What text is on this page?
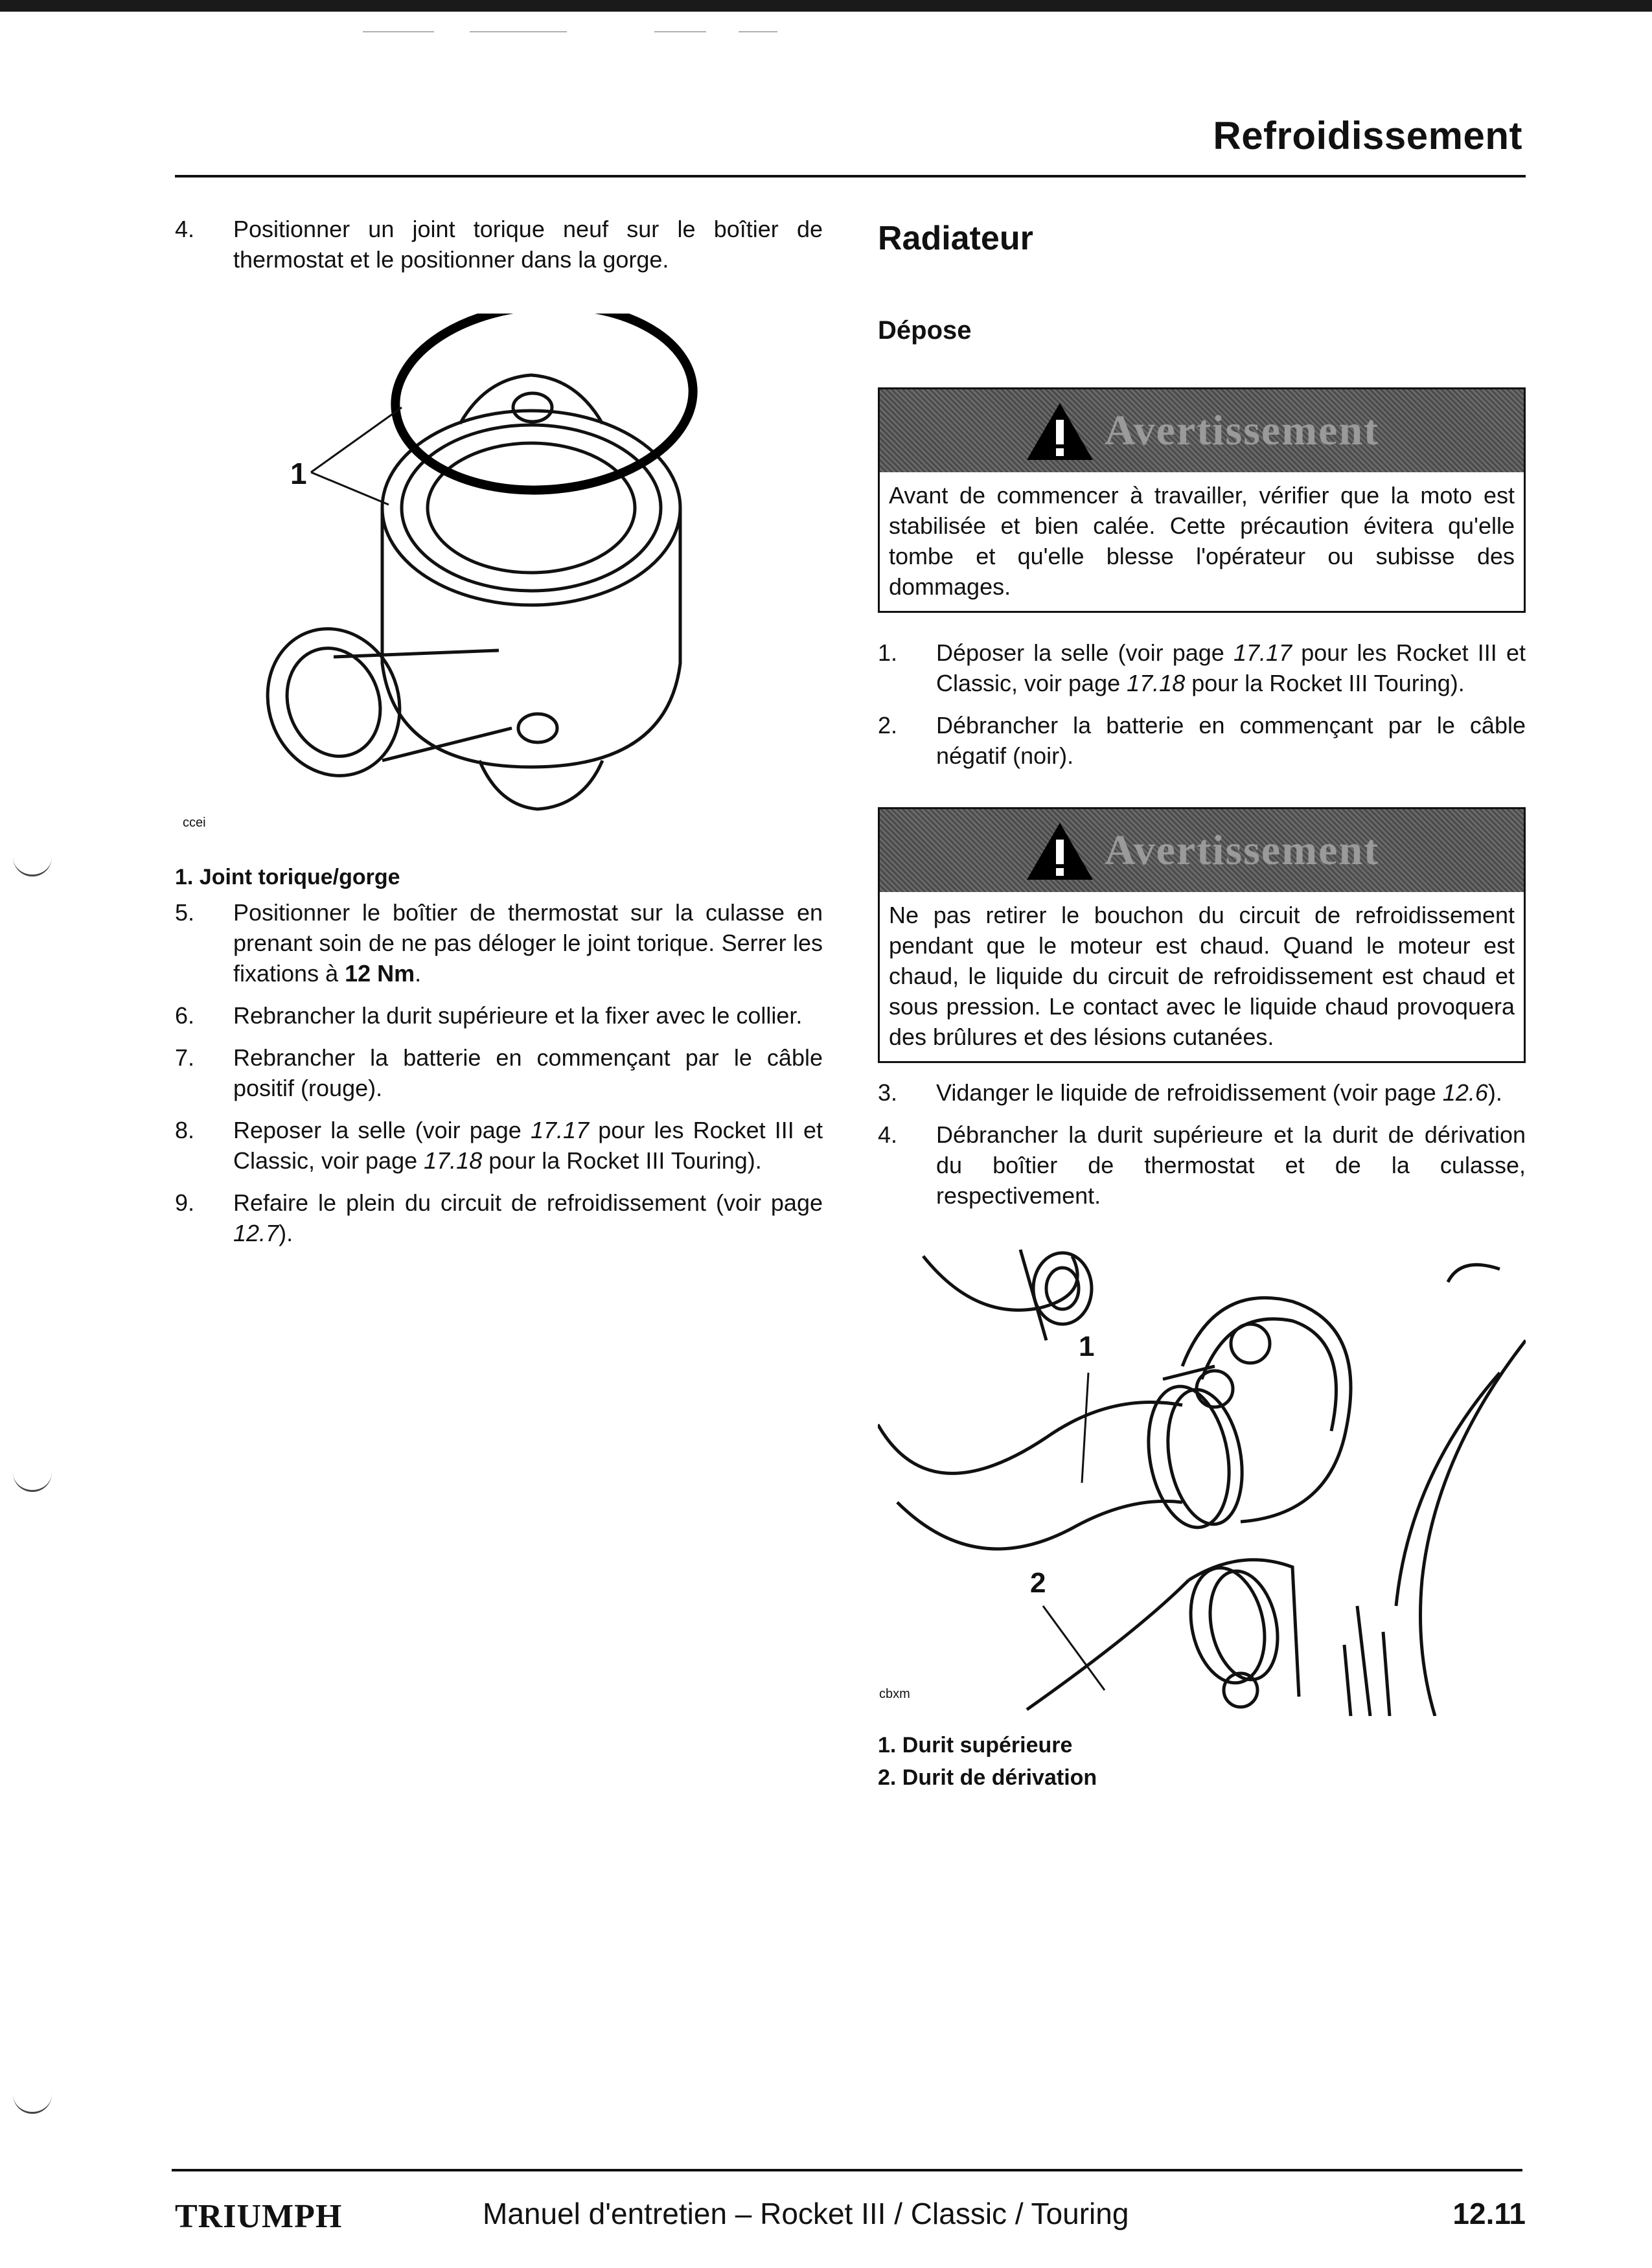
Refroidissement
4. Positionner un joint torique neuf sur le boîtier de thermostat et le positionner dans la gorge.
1
ccei
1. Joint torique/gorge
5. Positionner le boîtier de thermostat sur la culasse en prenant soin de ne pas déloger le joint torique. Serrer les fixations à 12 Nm.
6. Rebrancher la durit supérieure et la fixer avec le collier.
7. Rebrancher la batterie en commençant par le câble positif (rouge).
8. Reposer la selle (voir page 17.17 pour les Rocket III et Classic, voir page 17.18 pour la Rocket III Touring).
9. Refaire le plein du circuit de refroidissement (voir page 12.7).
Radiateur
Dépose
Avertissement
Avant de commencer à travailler, vérifier que la moto est stabilisée et bien calée. Cette précaution évitera qu'elle tombe et qu'elle blesse l'opérateur ou subisse des dommages.
1. Déposer la selle (voir page 17.17 pour les Rocket III et Classic, voir page 17.18 pour la Rocket III Touring).
2. Débrancher la batterie en commençant par le câble négatif (noir).
Avertissement
Ne pas retirer le bouchon du circuit de refroidissement pendant que le moteur est chaud. Quand le moteur est chaud, le liquide du circuit de refroidissement est chaud et sous pression. Le contact avec le liquide chaud provoquera des brûlures et des lésions cutanées.
3. Vidanger le liquide de refroidissement (voir page 12.6).
4. Débrancher la durit supérieure et la durit de dérivation du boîtier de thermostat et de la culasse, respectivement.
1
2
cbxm
1. Durit supérieure
2. Durit de dérivation
TRIUMPH	Manuel d'entretien – Rocket III / Classic / Touring	12.11
